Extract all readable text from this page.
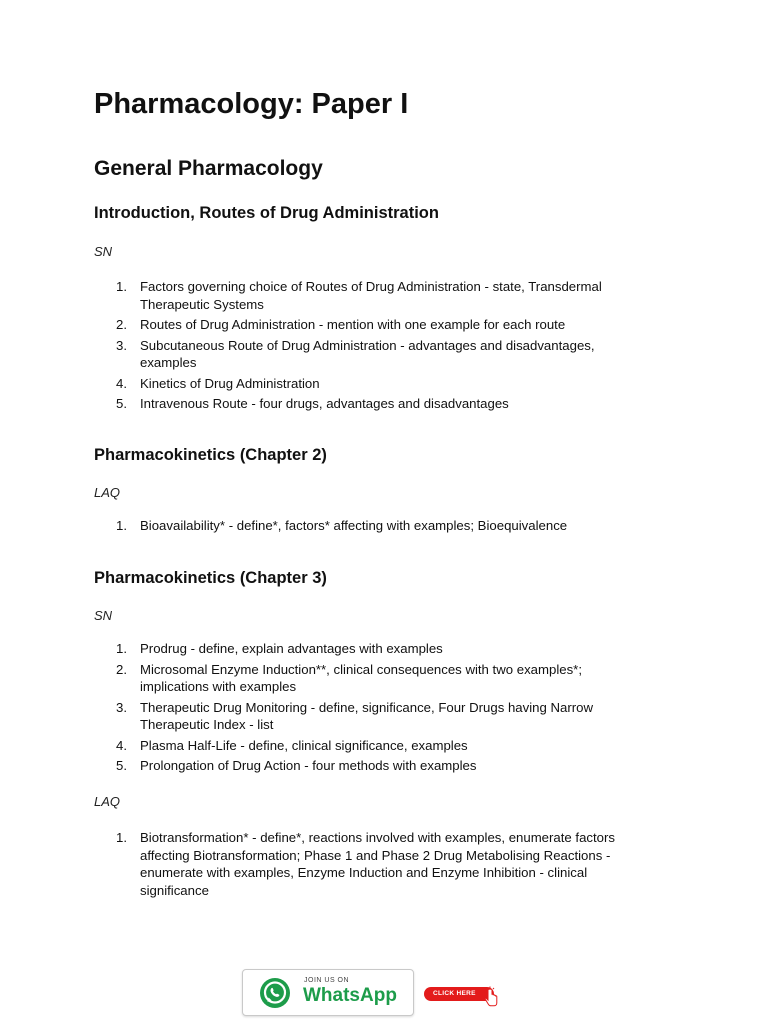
Pharmacology: Paper I
General Pharmacology
Introduction, Routes of Drug Administration
SN
1. Factors governing choice of Routes of Drug Administration - state, Transdermal Therapeutic Systems
2. Routes of Drug Administration - mention with one example for each route
3. Subcutaneous Route of Drug Administration - advantages and disadvantages, examples
4. Kinetics of Drug Administration
5. Intravenous Route - four drugs, advantages and disadvantages
Pharmacokinetics (Chapter 2)
LAQ
1. Bioavailability* - define*, factors* affecting with examples; Bioequivalence
Pharmacokinetics (Chapter 3)
SN
1. Prodrug - define, explain advantages with examples
2. Microsomal Enzyme Induction**, clinical consequences with two examples*; implications with examples
3. Therapeutic Drug Monitoring - define, significance, Four Drugs having Narrow Therapeutic Index - list
4. Plasma Half-Life - define, clinical significance, examples
5. Prolongation of Drug Action - four methods with examples
LAQ
1. Biotransformation* - define*, reactions involved with examples, enumerate factors affecting Biotransformation; Phase 1 and Phase 2 Drug Metabolising Reactions - enumerate with examples, Enzyme Induction and Enzyme Inhibition - clinical significance
JOIN US ON
WhatsApp	CLICK HERE
